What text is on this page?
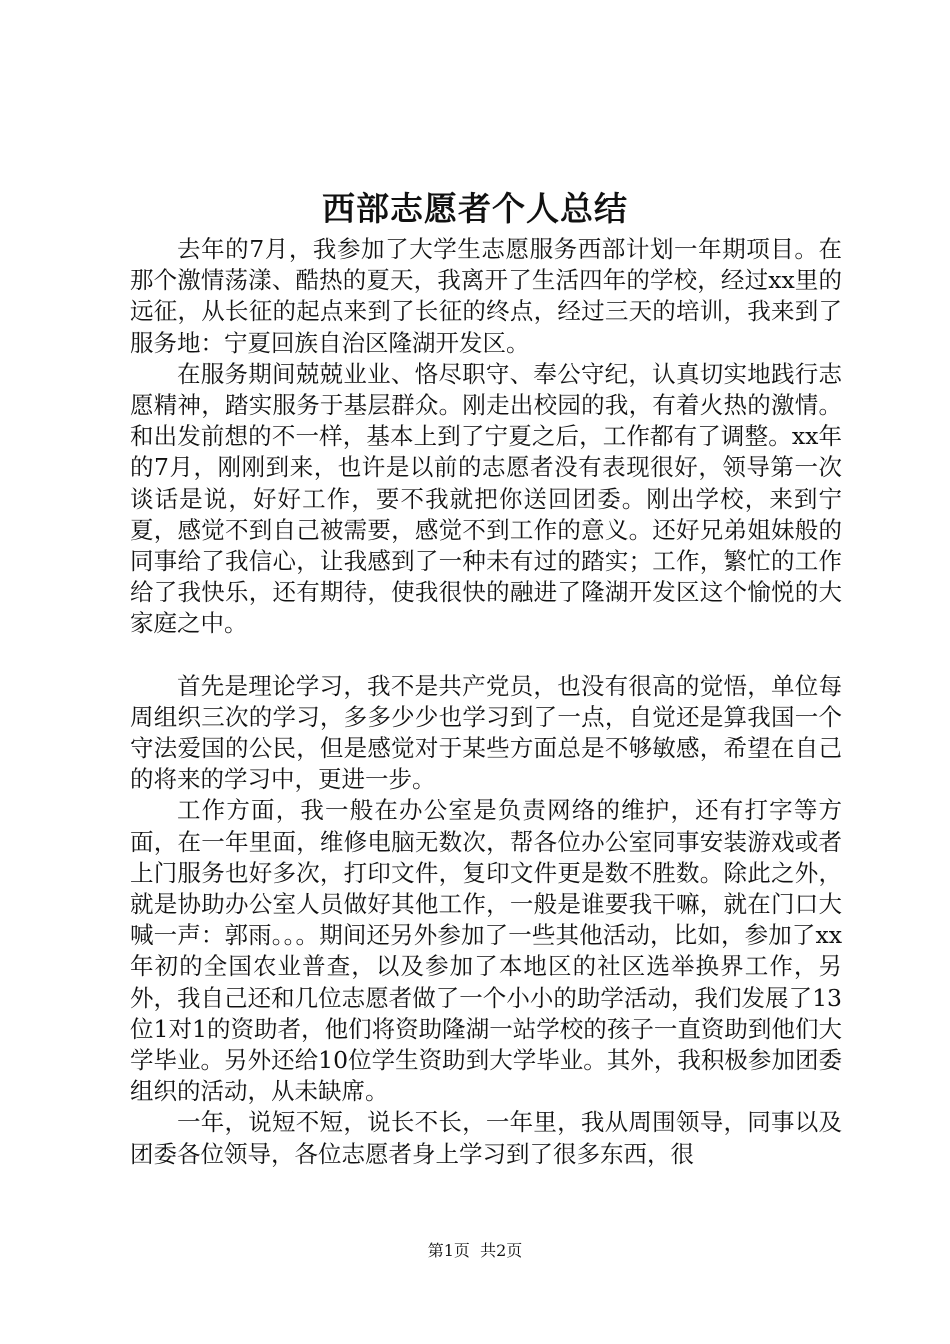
西部志愿者个人总结

去年的7月，我参加了大学生志愿服务西部计划一年期项目。在那个激情荡漾、酷热的夏天，我离开了生活四年的学校，经过xx里的远征，从长征的起点来到了长征的终点，经过三天的培训，我来到了服务地：宁夏回族自治区隆湖开发区。

在服务期间兢兢业业、恪尽职守、奉公守纪，认真切实地践行志愿精神，踏实服务于基层群众。刚走出校园的我，有着火热的激情。和出发前想的不一样，基本上到了宁夏之后，工作都有了调整。xx年的7月，刚刚到来，也许是以前的志愿者没有表现很好，领导第一次谈话是说，好好工作，要不我就把你送回团委。刚出学校，来到宁夏，感觉不到自己被需要，感觉不到工作的意义。还好兄弟姐妹般的同事给了我信心，让我感到了一种未有过的踏实；工作，繁忙的工作给了我快乐，还有期待，使我很快的融进了隆湖开发区这个愉悦的大家庭之中。

首先是理论学习，我不是共产党员，也没有很高的觉悟，单位每周组织三次的学习，多多少少也学习到了一点，自觉还是算我国一个守法爱国的公民，但是感觉对于某些方面总是不够敏感，希望在自己的将来的学习中，更进一步。

工作方面，我一般在办公室是负责网络的维护，还有打字等方面，在一年里面，维修电脑无数次，帮各位办公室同事安装游戏或者上门服务也好多次，打印文件，复印文件更是数不胜数。除此之外，就是协助办公室人员做好其他工作，一般是谁要我干嘛，就在门口大喊一声：郭雨。。。期间还另外参加了一些其他活动，比如，参加了xx年初的全国农业普查，以及参加了本地区的社区选举换界工作，另外，我自己还和几位志愿者做了一个小小的助学活动，我们发展了13位1对1的资助者，他们将资助隆湖一站学校的孩子一直资助到他们大学毕业。另外还给10位学生资助到大学毕业。其外，我积极参加团委组织的活动，从未缺席。

一年，说短不短，说长不长，一年里，我从周围领导，同事以及团委各位领导，各位志愿者身上学习到了很多东西，很

第1页 共2页
